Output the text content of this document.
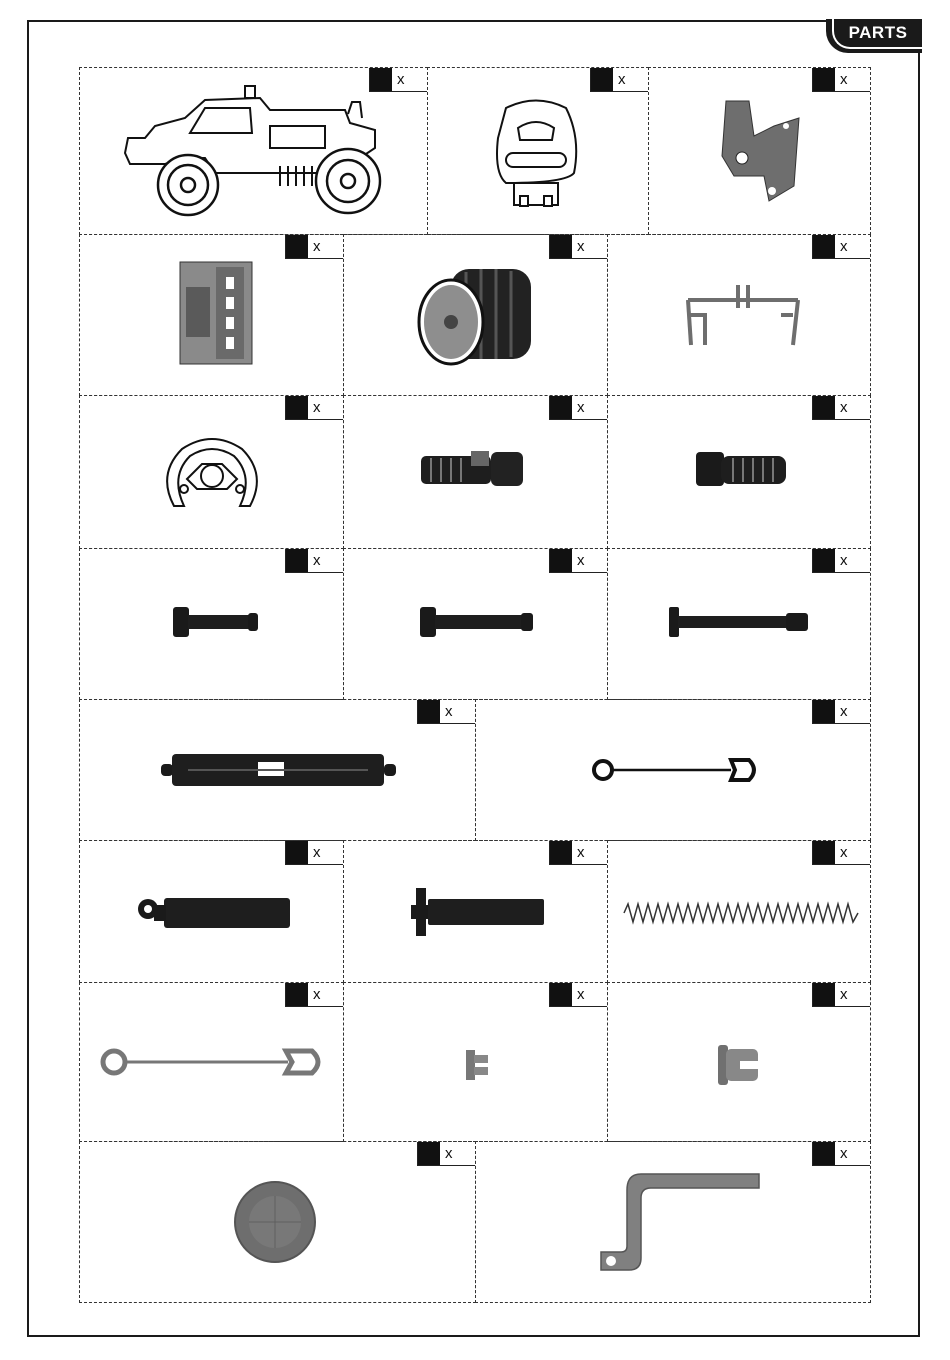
PARTS
x	x	x
x	x	x
x	x	x
x	x	x
x	x
x	x	x
x	x	x
x	x
